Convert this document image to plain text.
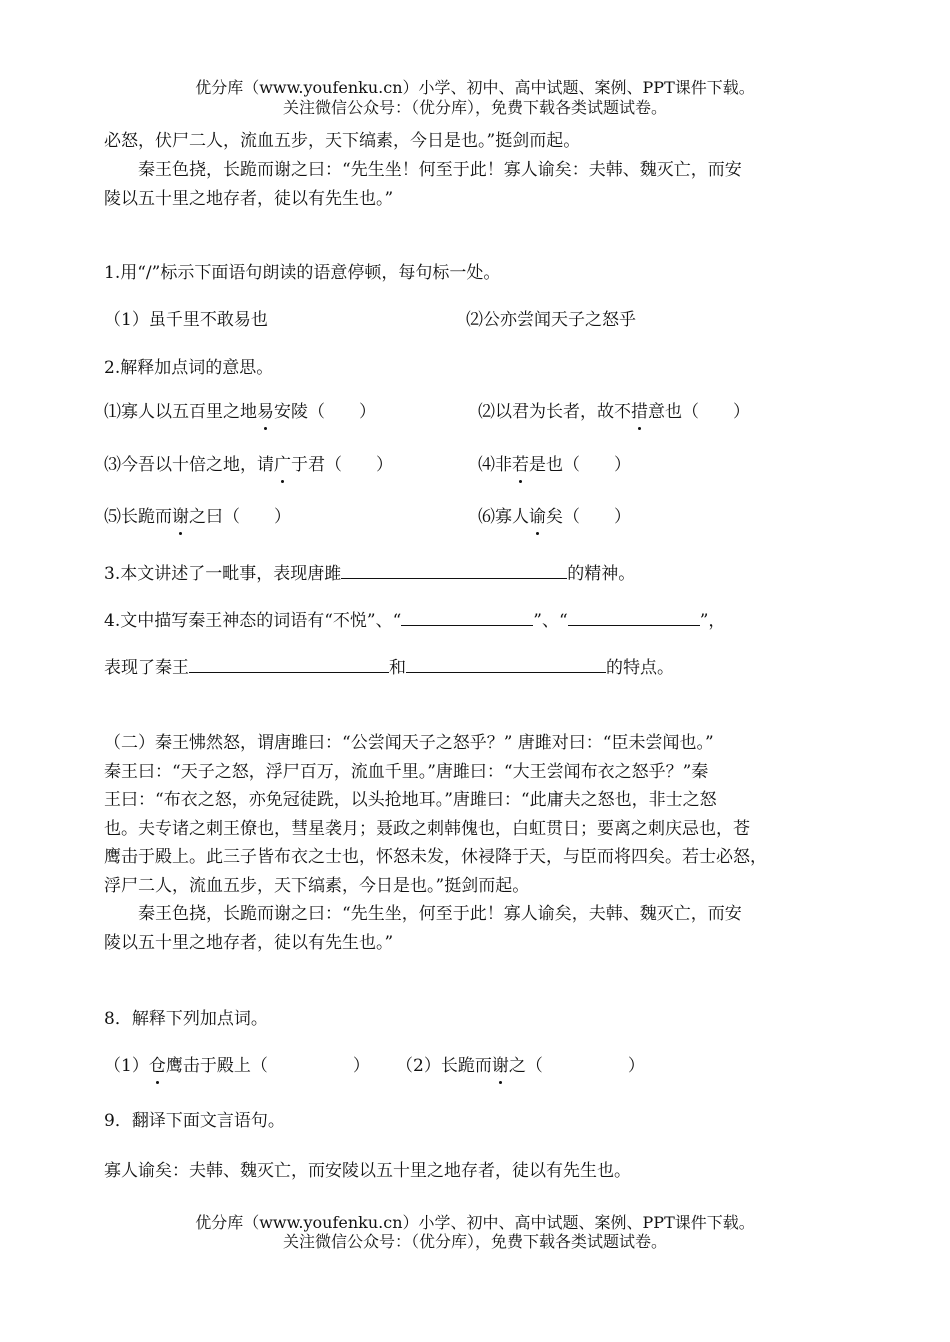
优分库（www.youfenku.cn）小学、初中、高中试题、案例、PPT课件下载。
关注微信公众号：（优分库），免费下载各类试题试卷。
必怒，伏尸二人，流血五步，天下缟素，今日是也。”挺剑而起。
秦王色挠，长跪而谢之曰：“先生坐！何至于此！寡人谕矣：夫韩、魏灭亡，而安
陵以五十里之地存者，徒以有先生也。”
1.用“/”标示下面语句朗读的语意停顿，每句标一处。
（1）虽千里不敢易也	⑵公亦尝闻天子之怒乎
2.解释加点词的意思。
⑴寡人以五百里之地易安陵（　　）	⑵以君为长者，故不措意也（　　）
⑶今吾以十倍之地，请广于君（　　）	⑷非若是也（　　）
⑸长跪而谢之曰（　　）	⑹寡人谕矣（　　）
3.本文讲述了一毗事，表现唐雎	的精神。
4.文中描写秦王神态的词语有“不悦”、“	”、“	”，
表现了秦王	和	的特点。
（二）秦王怫然怒，谓唐雎曰：“公尝闻天子之怒乎？” 唐雎对曰：“臣未尝闻也。”
秦王曰：“天子之怒，浮尸百万，流血千里。”唐雎曰：“大王尝闻布衣之怒乎？”秦
王曰：“布衣之怒，亦免冠徒跣，以头抢地耳。”唐雎曰：“此庸夫之怒也，非士之怒
也。夫专诸之刺王僚也，彗星袭月；聂政之刺韩傀也，白虹贯日；要离之刺庆忌也，苍
鹰击于殿上。此三子皆布衣之士也，怀怒未发，休祲降于天，与臣而将四矣。若士必怒，
浮尸二人，流血五步，天下缟素，今日是也。”挺剑而起。
秦王色挠，长跪而谢之曰：“先生坐，何至于此！寡人谕矣，夫韩、魏灭亡，而安
陵以五十里之地存者，徒以有先生也。”
8．解释下列加点词。
（1）仓鹰击于殿上（　　　　　） （2）长跪而谢之（　　　　　）
9．翻译下面文言语句。
寡人谕矣：夫韩、魏灭亡，而安陵以五十里之地存者，徒以有先生也。
优分库（www.youfenku.cn）小学、初中、高中试题、案例、PPT课件下载。
关注微信公众号：（优分库），免费下载各类试题试卷。
